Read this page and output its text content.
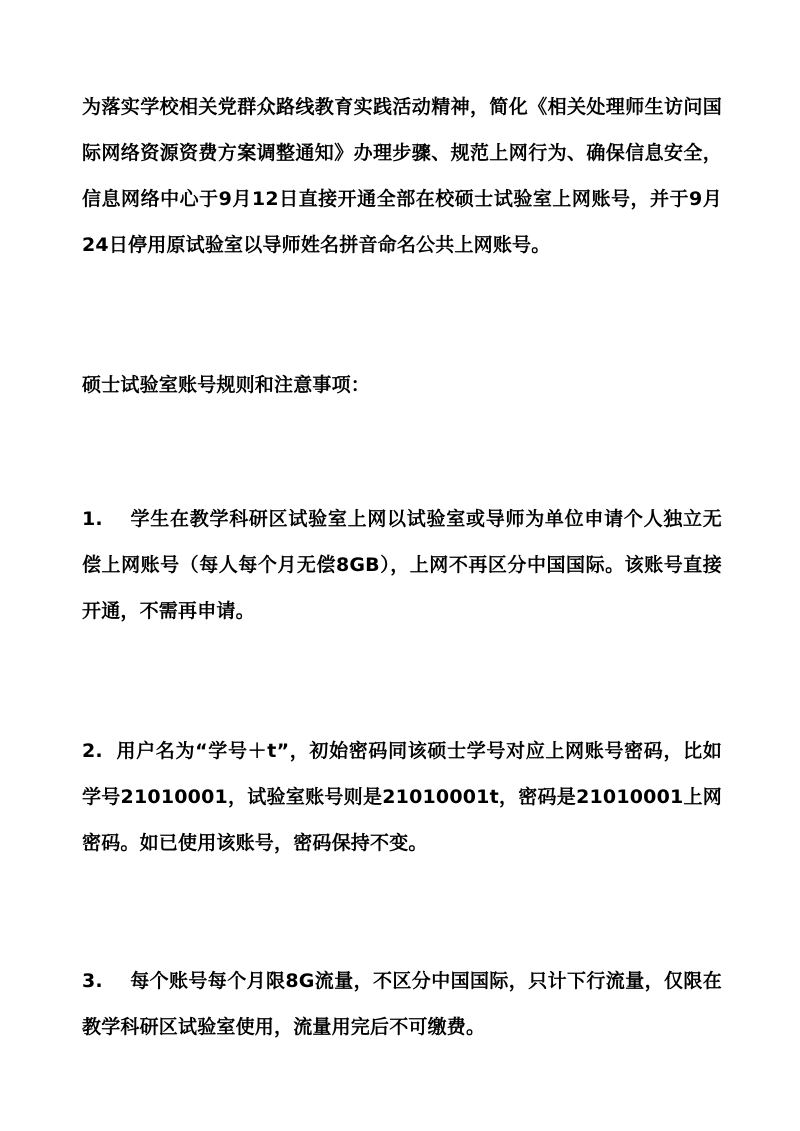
为落实学校相关党群众路线教育实践活动精神，简化《相关处理师生访问国际网络资源资费方案调整通知》办理步骤、规范上网行为、确保信息安全，信息网络中心于9月12日直接开通全部在校硕士试验室上网账号，并于9月24日停用原试验室以导师姓名拼音命名公共上网账号。

硕士试验室账号规则和注意事项：

1. 学生在教学科研区试验室上网以试验室或导师为单位申请个人独立无偿上网账号（每人每个月无偿8GB），上网不再区分中国国际。该账号直接开通，不需再申请。

2. 用户名为“学号＋t”，初始密码同该硕士学号对应上网账号密码，比如学号21010001，试验室账号则是21010001t，密码是21010001上网密码。如已使用该账号，密码保持不变。

3. 每个账号每个月限8G流量，不区分中国国际，只计下行流量，仅限在教学科研区试验室使用，流量用完后不可缴费。
